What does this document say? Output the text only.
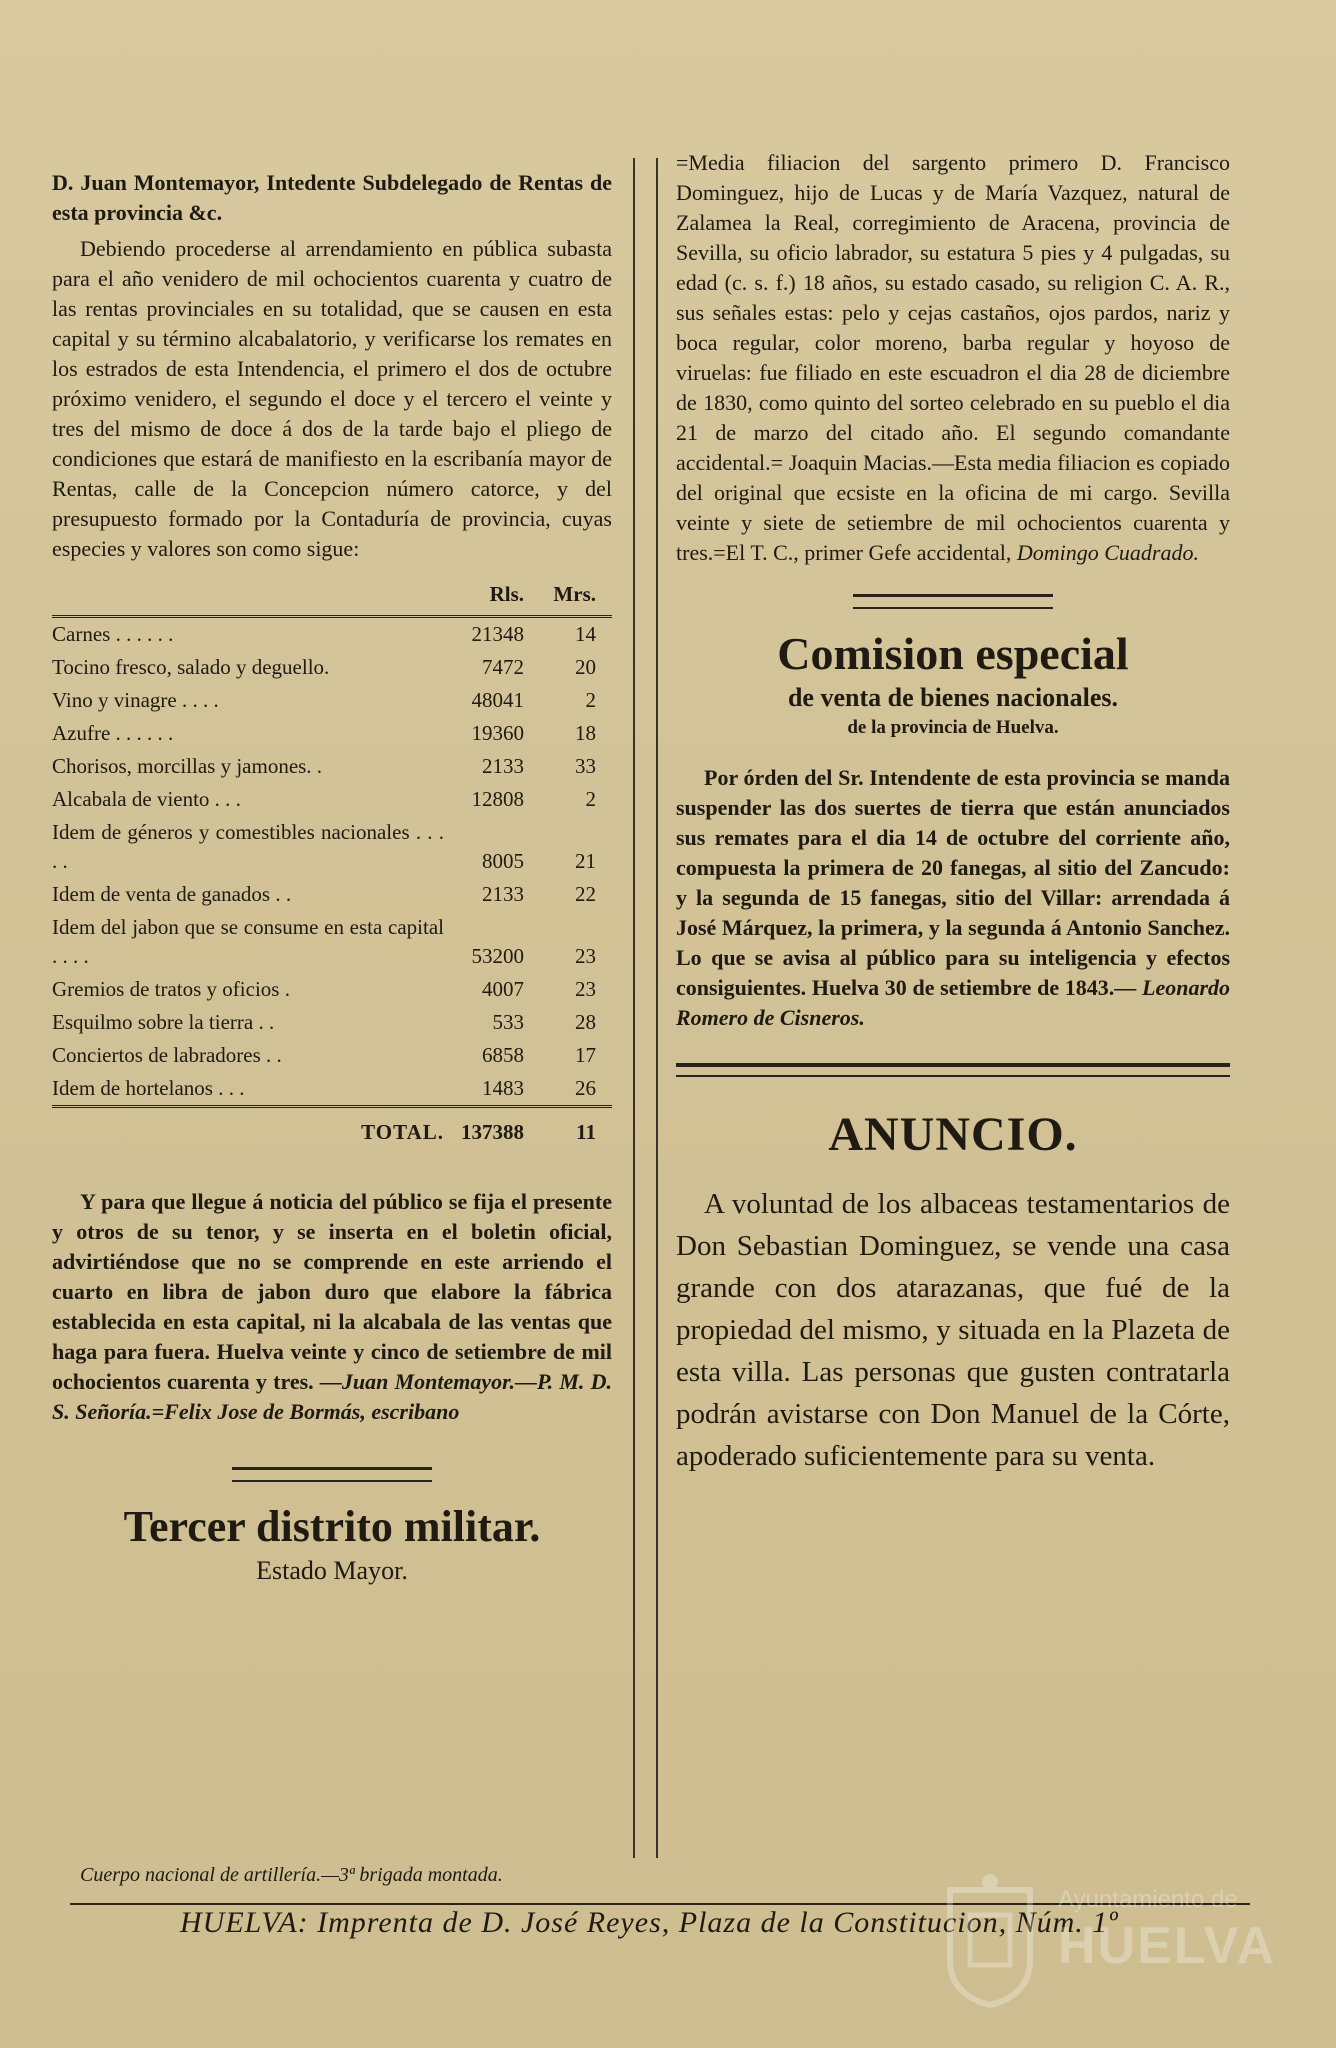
D. Juan Montemayor, Intedente Subdelegado de Rentas de esta provincia &c.

Debiendo procederse al arrendamiento en pública subasta para el año venidero de mil ochocientos cuarenta y cuatro de las rentas provinciales en su totalidad, que se causen en esta capital y su término alcabalatorio, y verificarse los remates en los estrados de esta Intendencia, el primero el dos de octubre próximo venidero, el segundo el doce y el tercero el veinte y tres del mismo de doce á dos de la tarde bajo el pliego de condiciones que estará de manifiesto en la escribanía mayor de Rentas, calle de la Concepcion número catorce, y del presupuesto formado por la Contaduría de provincia, cuyas especies y valores son como sigue:

	Rls.	Mrs.
Carnes . . . . . .	21348	14
Tocino fresco, salado y deguello.	7472	20
Vino y vinagre . . . .	48041	2
Azufre . . . . . .	19360	18
Chorisos, morcillas y jamones. .	2133	33
Alcabala de viento . . .	12808	2
Idem de géneros y comestibles nacionales . . . . .	8005	21
Idem de venta de ganados . .	2133	22
Idem del jabon que se consume en esta capital . . . .	53200	23
Gremios de tratos y oficios .	4007	23
Esquilmo sobre la tierra . .	533	28
Conciertos de labradores . .	6858	17
Idem de hortelanos . . .	1483	26
TOTAL.	137388	11

Y para que llegue á noticia del público se fija el presente y otros de su tenor, y se inserta en el boletin oficial, advirtiéndose que no se comprende en este arriendo el cuarto en libra de jabon duro que elabore la fábrica establecida en esta capital, ni la alcabala de las ventas que haga para fuera. Huelva veinte y cinco de setiembre de mil ochocientos cuarenta y tres. —Juan Montemayor.—P. M. D. S. Señoría.=Felix Jose de Bormás, escribano

Tercer distrito militar.
Estado Mayor.

=Media filiacion del sargento primero D. Francisco Dominguez, hijo de Lucas y de María Vazquez, natural de Zalamea la Real, corregimiento de Aracena, provincia de Sevilla, su oficio labrador, su estatura 5 pies y 4 pulgadas, su edad (c. s. f.) 18 años, su estado casado, su religion C. A. R., sus señales estas: pelo y cejas castaños, ojos pardos, nariz y boca regular, color moreno, barba regular y hoyoso de viruelas: fue filiado en este escuadron el dia 28 de diciembre de 1830, como quinto del sorteo celebrado en su pueblo el dia 21 de marzo del citado año. El segundo comandante accidental.= Joaquin Macias.—Esta media filiacion es copiado del original que ecsiste en la oficina de mi cargo. Sevilla veinte y siete de setiembre de mil ochocientos cuarenta y tres.=El T. C., primer Gefe accidental, Domingo Cuadrado.

Comision especial
de venta de bienes nacionales.
de la provincia de Huelva.

Por órden del Sr. Intendente de esta provincia se manda suspender las dos suertes de tierra que están anunciados sus remates para el dia 14 de octubre del corriente año, compuesta la primera de 20 fanegas, al sitio del Zancudo: y la segunda de 15 fanegas, sitio del Villar: arrendada á José Márquez, la primera, y la segunda á Antonio Sanchez. Lo que se avisa al público para su inteligencia y efectos consiguientes. Huelva 30 de setiembre de 1843.— Leonardo Romero de Cisneros.

ANUNCIO.

A voluntad de los albaceas testamentarios de Don Sebastian Dominguez, se vende una casa grande con dos atarazanas, que fué de la propiedad del mismo, y situada en la Plazeta de esta villa. Las personas que gusten contratarla podrán avistarse con Don Manuel de la Córte, apoderado suficientemente para su venta.

Cuerpo nacional de artillería.—3ª brigada montada.
HUELVA: Imprenta de D. José Reyes, Plaza de la Constitucion, Núm. 1º
Ayuntamiento de
HUELVA
